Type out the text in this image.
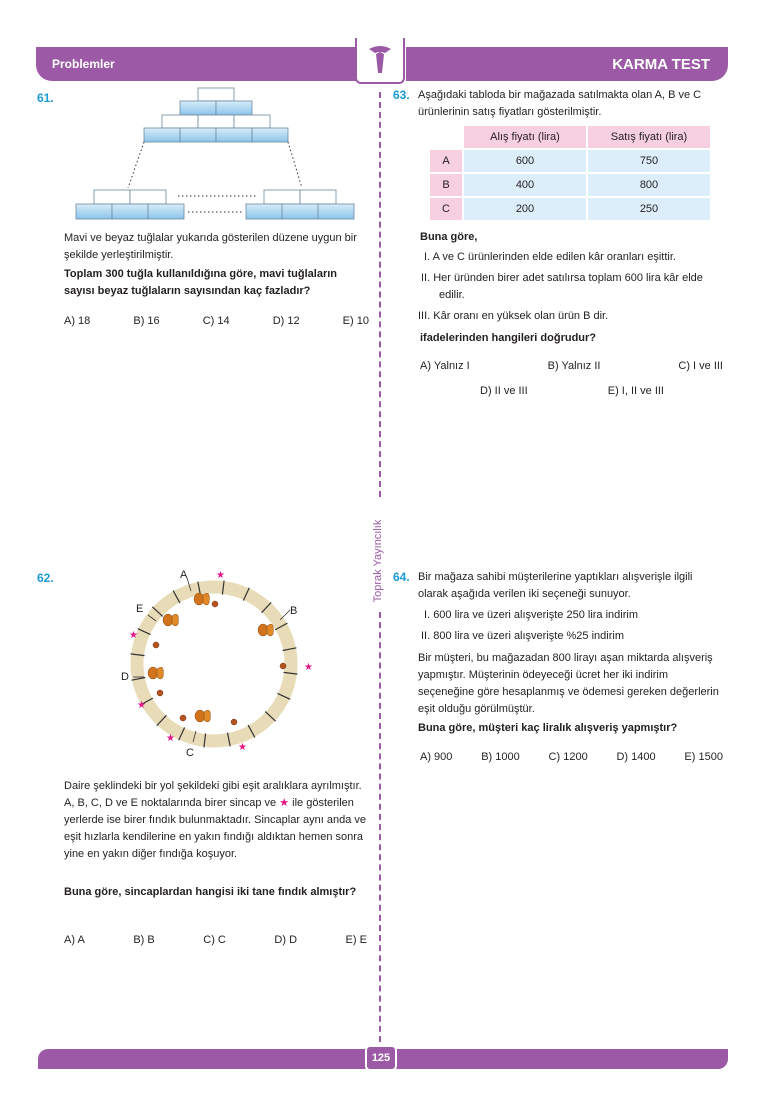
Problemler	KARMA TEST
Toprak Yayıncılık
61.
Mavi ve beyaz tuğlalar yukarıda gösterilen düzene uygun bir şekilde yerleştirilmiştir.
Toplam 300 tuğla kullanıldığına göre, mavi tuğlaların sayısı beyaz tuğlaların sayısından kaç fazladır?
A) 18	B) 16	C) 14	D) 12	E) 10
62.	★
★
★
★
★
★
A
B
C
D
E
Daire şeklindeki bir yol şekildeki gibi eşit aralıklara ayrılmıştır. A, B, C, D ve E noktalarında birer sincap ve ★ ile gösterilen yerlerde ise birer fındık bulunmaktadır. Sincaplar aynı anda ve eşit hızlarla kendilerine en yakın fındığı aldıktan hemen sonra yine en yakın diğer fındığa koşuyor.
Buna göre, sincaplardan hangisi iki tane fındık almıştır?
A) A	B) B	C) C	D) D	E) E
63. Aşağıdaki tabloda bir mağazada satılmakta olan A, B ve C ürünlerinin satış fiyatları gösterilmiştir.
	Alış fiyatı (lira)	Satış fiyatı (lira)
A	600	750
B	400	800
C	200	250
Buna göre,
I. A ve C ürünlerinden elde edilen kâr oranları eşittir.
II. Her üründen birer adet satılırsa toplam 600 lira kâr elde edilir.
III. Kâr oranı en yüksek olan ürün B dir.
ifadelerinden hangileri doğrudur?
A) Yalnız I	B) Yalnız II	C) I ve III
D) II ve III	E) I, II ve III
64. Bir mağaza sahibi müşterilerine yaptıkları alışverişle ilgili olarak aşağıda verilen iki seçeneği sunuyor.
I. 600 lira ve üzeri alışverişte 250 lira indirim
II. 800 lira ve üzeri alışverişte %25 indirim
Bir müşteri, bu mağazadan 800 lirayı aşan miktarda alışveriş yapmıştır. Müşterinin ödeyeceği ücret her iki indirim seçeneğine göre hesaplanmış ve ödemesi gereken değerlerin eşit olduğu görülmüştür.
Buna göre, müşteri kaç liralık alışveriş yapmıştır?
A) 900	B) 1000	C) 1200	D) 1400	E) 1500
125
